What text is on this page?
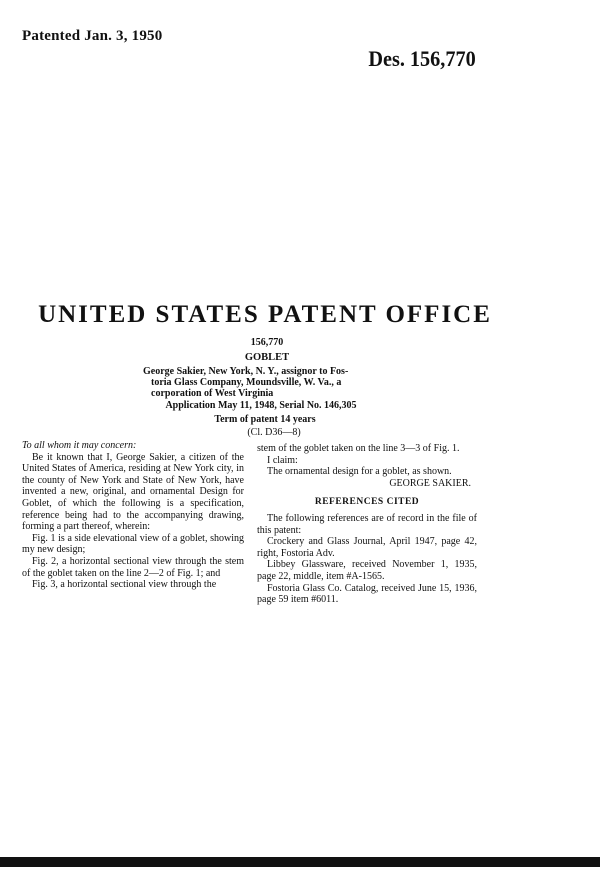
Patented Jan. 3, 1950
Des. 156,770
UNITED STATES PATENT OFFICE
156,770
GOBLET
George Sakier, New York, N. Y., assignor to Fos-
toria Glass Company, Moundsville, W. Va., a
corporation of West Virginia
Application May 11, 1948, Serial No. 146,305
Term of patent 14 years
(Cl. D36—8)

To all whom it may concern:

Be it known that I, George Sakier, a citizen of the United States of America, residing at New York city, in the county of New York and State of New York, have invented a new, original, and ornamental Design for Goblet, of which the following is a specification, reference being had to the accompanying drawing, forming a part thereof, wherein:

Fig. 1 is a side elevational view of a goblet, showing my new design;

Fig. 2, a horizontal sectional view through the stem of the goblet taken on the line 2—2 of Fig. 1; and

Fig. 3, a horizontal sectional view through the

stem of the goblet taken on the line 3—3 of Fig. 1.

I claim:

The ornamental design for a goblet, as shown.

GEORGE SAKIER.

REFERENCES CITED

The following references are of record in the file of this patent:

Crockery and Glass Journal, April 1947, page 42, right, Fostoria Adv.

Libbey Glassware, received November 1, 1935, page 22, middle, item #A-1565.

Fostoria Glass Co. Catalog, received June 15, 1936, page 59 item #6011.
